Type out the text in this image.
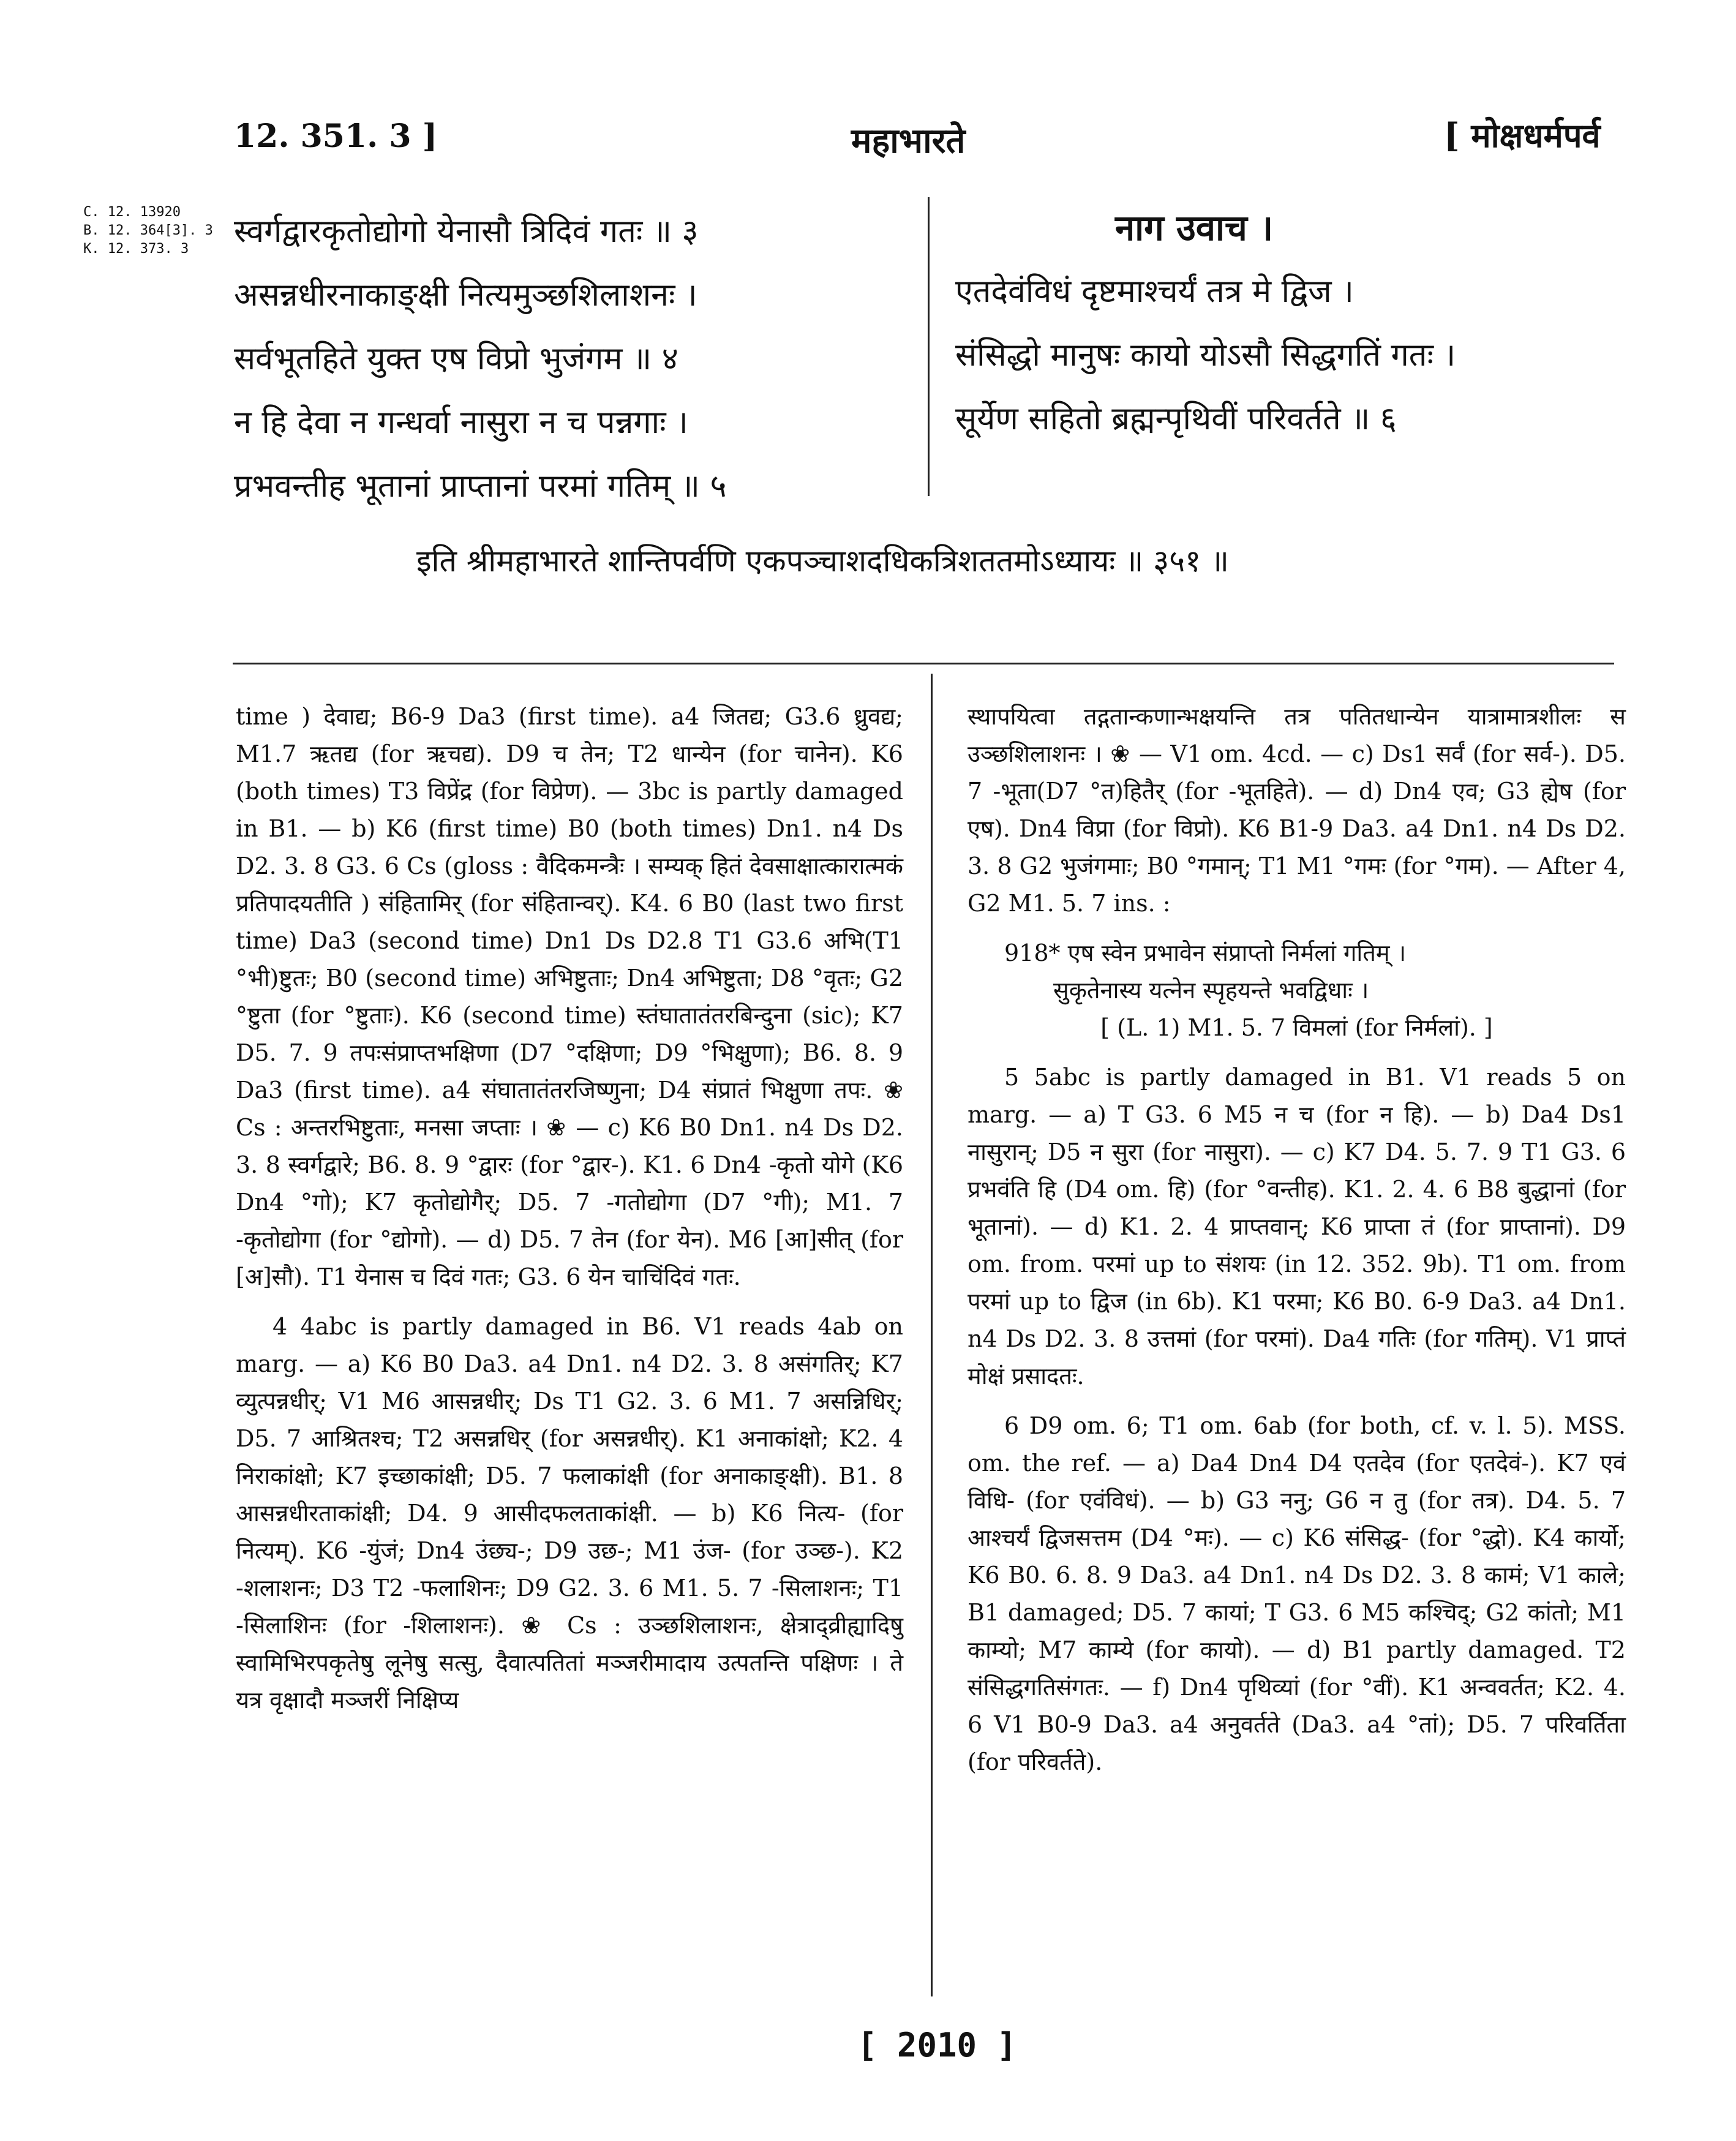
12. 351. 3 ]	महाभारते	[ मोक्षधर्मपर्व
C. 12. 13920
B. 12. 364[3]. 3
K. 12. 373. 3	स्वर्गद्वारकृतोद्योगो येनासौ त्रिदिवं गतः ॥ ३
असन्नधीरनाकाङ्क्षी नित्यमुञ्छशिलाशनः ।
सर्वभूतहिते युक्त एष विप्रो भुजंगम ॥ ४
न हि देवा न गन्धर्वा नासुरा न च पन्नगाः ।
प्रभवन्तीह भूतानां प्राप्तानां परमां गतिम् ॥ ५
नाग उवाच ।
एतदेवंविधं दृष्टमाश्चर्यं तत्र मे द्विज ।
संसिद्धो मानुषः कायो योऽसौ सिद्धगतिं गतः ।
सूर्येण सहितो ब्रह्मन्पृथिवीं परिवर्तते ॥ ६
इति श्रीमहाभारते शान्तिपर्वणि एकपञ्चाशदधिकत्रिशततमोऽध्यायः ॥ ३५१ ॥

time ) देवाद्य; B6-9 Da3 (first time). a4 जितद्य; G3.6 ध्रुवद्य; M1.7 ऋतद्य (for ऋचद्य). D9 च तेन; T2 धान्येन (for चानेन). K6 (both times) T3 विप्रेंद्र (for विप्रेण). — 3bc is partly damaged in B1. — b) K6 (first time) B0 (both times) Dn1. n4 Ds D2. 3. 8 G3. 6 Cs (gloss : वैदिकमन्त्रैः । सम्यक् हितं देवसाक्षात्कारात्मकं प्रतिपादयतीति ) संहितामिर् (for संहितान्वर्). K4. 6 B0 (last two first time) Da3 (second time) Dn1 Ds D2.8 T1 G3.6 अभि(T1 °भी)ष्टुतः; B0 (second time) अभिष्टुताः; Dn4 अभिष्टुता; D8 °वृतः; G2 °ष्टुता (for °ष्टुताः). K6 (second time) स्तंघातातंतरबिन्दुना (sic); K7 D5. 7. 9 तपःसंप्राप्तभक्षिणा (D7 °दक्षिणा; D9 °भिक्षुणा); B6. 8. 9 Da3 (first time). a4 संघातातंतरजिष्णुना; D4 संप्रातं भिक्षुणा तपः. ❀ Cs : अन्तरभिष्टुताः, मनसा जप्ताः । ❀ — c) K6 B0 Dn1. n4 Ds D2. 3. 8 स्वर्गद्वारे; B6. 8. 9 °द्वारः (for °द्वार-). K1. 6 Dn4 -कृतो योगे (K6 Dn4 °गो); K7 कृतोद्योगैर्; D5. 7 -गतोद्योगा (D7 °गी); M1. 7 -कृतोद्योगा (for °द्योगो). — d) D5. 7 तेन (for येन). M6 [आ]सीत् (for [अ]सौ). T1 येनास च दिवं गतः; G3. 6 येन चाचिंदिवं गतः.

4 4abc is partly damaged in B6. V1 reads 4ab on marg. — a) K6 B0 Da3. a4 Dn1. n4 D2. 3. 8 असंगतिर्; K7 व्युत्पन्नधीर्; V1 M6 आसन्नधीर्; Ds T1 G2. 3. 6 M1. 7 असन्निधिर्; D5. 7 आश्रितश्च; T2 असन्नधिर् (for असन्नधीर्). K1 अनाकांक्षो; K2. 4 निराकांक्षो; K7 इच्छाकांक्षी; D5. 7 फलाकांक्षी (for अनाकाङ्क्षी). B1. 8 आसन्नधीरताकांक्षी; D4. 9 आसीदफलताकांक्षी. — b) K6 नित्य- (for नित्यम्). K6 -युंजं; Dn4 उंछ्य-; D9 उछ-; M1 उंज- (for उञ्छ-). K2 -शलाशनः; D3 T2 -फलाशिनः; D9 G2. 3. 6 M1. 5. 7 -सिलाशनः; T1 -सिलाशिनः (for -शिलाशनः). ❀ Cs : उञ्छशिलाशनः, क्षेत्राद्व्रीह्यादिषु स्वामिभिरपकृतेषु लूनेषु सत्सु, दैवात्पतितां मञ्जरीमादाय उत्पतन्ति पक्षिणः । ते यत्र वृक्षादौ मञ्जरीं निक्षिप्य

स्थापयित्वा तद्गतान्कणान्भक्षयन्ति तत्र पतितधान्येन यात्रामात्रशीलः स उञ्छशिलाशनः । ❀ — V1 om. 4cd. — c) Ds1 सर्वं (for सर्व-). D5. 7 -भूता(D7 °त)हितैर् (for -भूतहिते). — d) Dn4 एव; G3 ह्येष (for एष). Dn4 विप्रा (for विप्रो). K6 B1-9 Da3. a4 Dn1. n4 Ds D2. 3. 8 G2 भुजंगमाः; B0 °गमान्; T1 M1 °गमः (for °गम). — After 4, G2 M1. 5. 7 ins. :

918* एष स्वेन प्रभावेन संप्राप्तो निर्मलां गतिम् ।
सुकृतेनास्य यत्नेन स्पृहयन्ते भवद्विधाः ।

[ (L. 1) M1. 5. 7 विमलां (for निर्मलां). ]

5 5abc is partly damaged in B1. V1 reads 5 on marg. — a) T G3. 6 M5 न च (for न हि). — b) Da4 Ds1 नासुरान्; D5 न सुरा (for नासुरा). — c) K7 D4. 5. 7. 9 T1 G3. 6 प्रभवंति हि (D4 om. हि) (for °वन्तीह). K1. 2. 4. 6 B8 बुद्धानां (for भूतानां). — d) K1. 2. 4 प्राप्तवान्; K6 प्राप्ता तं (for प्राप्तानां). D9 om. from. परमां up to संशयः (in 12. 352. 9b). T1 om. from परमां up to द्विज (in 6b). K1 परमा; K6 B0. 6-9 Da3. a4 Dn1. n4 Ds D2. 3. 8 उत्तमां (for परमां). Da4 गतिः (for गतिम्). V1 प्राप्तं मोक्षं प्रसादतः.

6 D9 om. 6; T1 om. 6ab (for both, cf. v. l. 5). MSS. om. the ref. — a) Da4 Dn4 D4 एतदेव (for एतदेवं-). K7 एवं विधि- (for एवंविधं). — b) G3 ननु; G6 न तु (for तत्र). D4. 5. 7 आश्चर्यं द्विजसत्तम (D4 °मः). — c) K6 संसिद्ध- (for °द्धो). K4 कार्यो; K6 B0. 6. 8. 9 Da3. a4 Dn1. n4 Ds D2. 3. 8 कामं; V1 काले; B1 damaged; D5. 7 कायां; T G3. 6 M5 कश्चिद्; G2 कांतो; M1 काम्यो; M7 काम्ये (for कायो). — d) B1 partly damaged. T2 संसिद्धगतिसंगतः. — f) Dn4 पृथिव्यां (for °वीं). K1 अन्ववर्तत; K2. 4. 6 V1 B0-9 Da3. a4 अनुवर्तते (Da3. a4 °तां); D5. 7 परिवर्तिता (for परिवर्तते).

[ 2010 ]
